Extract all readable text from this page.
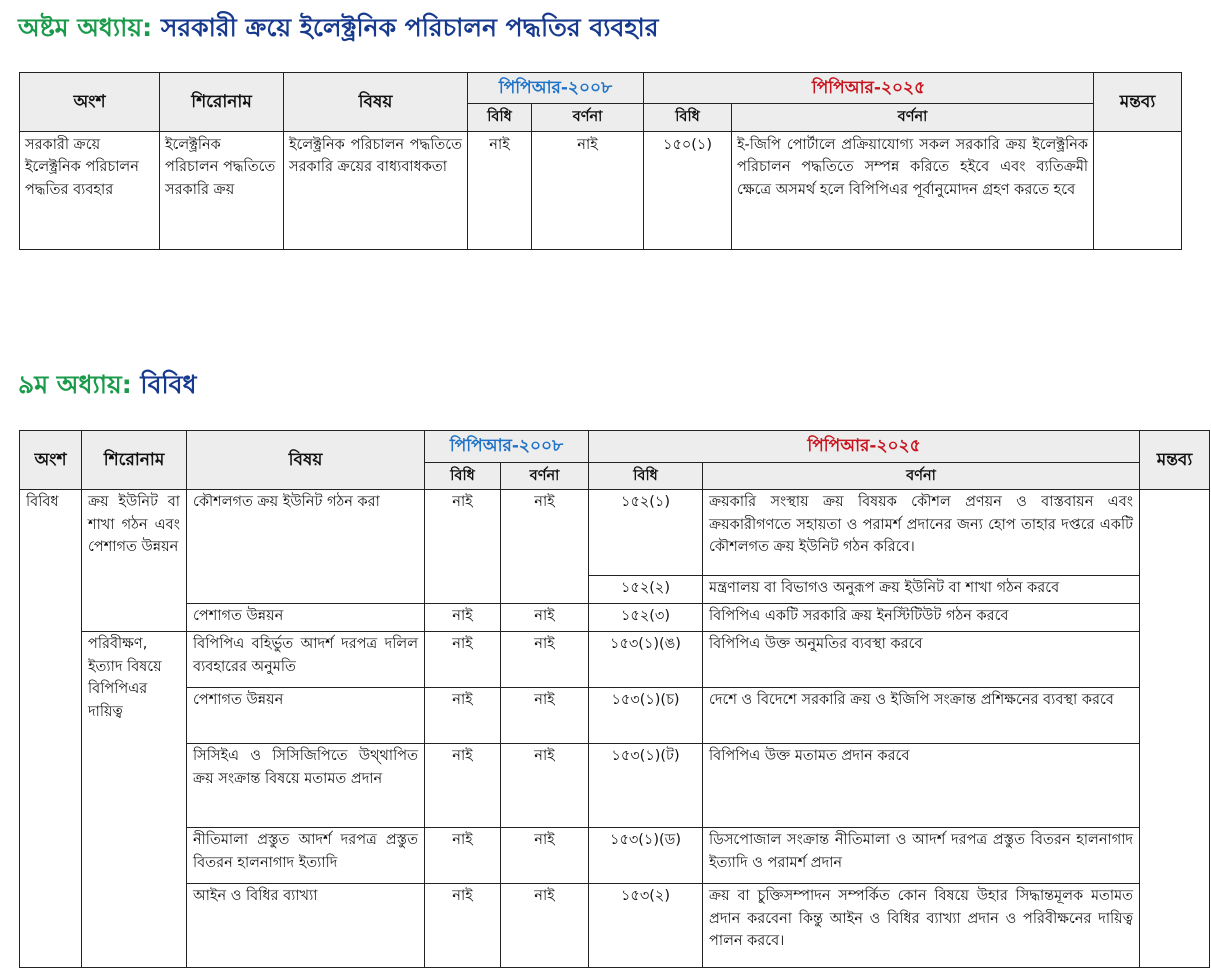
অষ্টম অধ্যায়: সরকারী ক্রয়ে ইলেক্ট্রনিক পরিচালন পদ্ধতির ব্যবহার
অংশ	শিরোনাম	বিষয়	পিপিআর-২০০৮		পিপিআর-২০২৫		মন্তব্য
			বিধি	বর্ণনা	বিধি	বর্ণনা	
সরকারী ক্রয়ে ইলেক্ট্রনিক পরিচালন পদ্ধতির ব্যবহার	ইলেক্ট্রনিক পরিচালন পদ্ধতিতে সরকারি ক্রয়	ইলেক্ট্রনিক পরিচালন পদ্ধতিতে সরকারি ক্রয়ের বাধ্যবাধকতা	নাই	নাই	১৫০(১)	ই-জিপি পোর্টালে প্রক্রিয়াযোগ্য সকল সরকারি ক্রয় ইলেক্ট্রনিক পরিচালন পদ্ধতিতে সম্পন্ন করিতে হইবে এবং ব্যতিক্রমী ক্ষেত্রে অসমর্থ হলে বিপিপিএর পূর্বানুমোদন গ্রহণ করতে হবে	
৯ম অধ্যায়: বিবিধ
অংশ	শিরোনাম	বিষয়	পিপিআর-২০০৮		পিপিআর-২০২৫		মন্তব্য
			বিধি	বর্ণনা	বিধি	বর্ণনা	
বিবিধ	ক্রয় ইউনিট বা শাখা গঠন এবং পেশাগত উন্নয়ন	কৌশলগত ক্রয় ইউনিট গঠন করা	নাই	নাই	১৫২(১)	ক্রয়কারি সংস্থায় ক্রয় বিষয়ক কৌশল প্রণয়ন ও বাস্তবায়ন এবং ক্রয়কারীগণতে সহায়তা ও পরামর্শ প্রদানের জন্য হোপ তাহার দপ্তরে একটি কৌশলগত ক্রয় ইউনিট গঠন করিবে।	
					১৫২(২)	মন্ত্রণালয় বা বিভাগও অনুরূপ ক্রয় ইউনিট বা শাখা গঠন করবে	
		পেশাগত উন্নয়ন	নাই	নাই	১৫২(৩)	বিপিপিএ একটি সরকারি ক্রয় ইনস্টিটিউট গঠন করবে	
	পরিবীক্ষণ, ইত্যাদ বিষয়ে বিপিপিএর দায়িত্ব	বিপিপিএ বহির্ভুত আদর্শ দরপত্র দলিল ব্যবহারের অনুমতি	নাই	নাই	১৫৩(১)(ঙ)	বিপিপিএ উক্ত অনুমতির ব্যবস্থা করবে	
		পেশাগত উন্নয়ন	নাই	নাই	১৫৩(১)(চ)	দেশে ও বিদেশে সরকারি ক্রয় ও ইজিপি সংক্রান্ত প্রশিক্ষনের ব্যবস্থা করবে	
		সিসিইএ ও সিসিজিপিতে উথ্থাপিত ক্রয় সংক্রান্ত বিষয়ে মতামত প্রদান	নাই	নাই	১৫৩(১)(ট)	বিপিপিএ উক্ত মতামত প্রদান করবে	
		নীতিমালা প্রস্তুত আদর্শ দরপত্র প্রস্তুত বিতরন হালনাগাদ ইত্যাদি	নাই	নাই	১৫৩(১)(ড)	ডিসপোজাল সংক্রান্ত নীতিমালা ও আদর্শ দরপত্র প্রস্তুত বিতরন হালনাগাদ ইত্যাদি ও পরামর্শ প্রদান	
		আইন ও বিধির ব্যাখ্যা	নাই	নাই	১৫৩(২)	ক্রয় বা চুক্তিসম্পাদন সম্পর্কিত কোন বিষয়ে উহার সিদ্ধান্তমূলক মতামত প্রদান করবেনা কিন্তু আইন ও বিধির ব্যাখ্যা প্রদান ও পরিবীক্ষনের দায়িত্ব পালন করবে।	
